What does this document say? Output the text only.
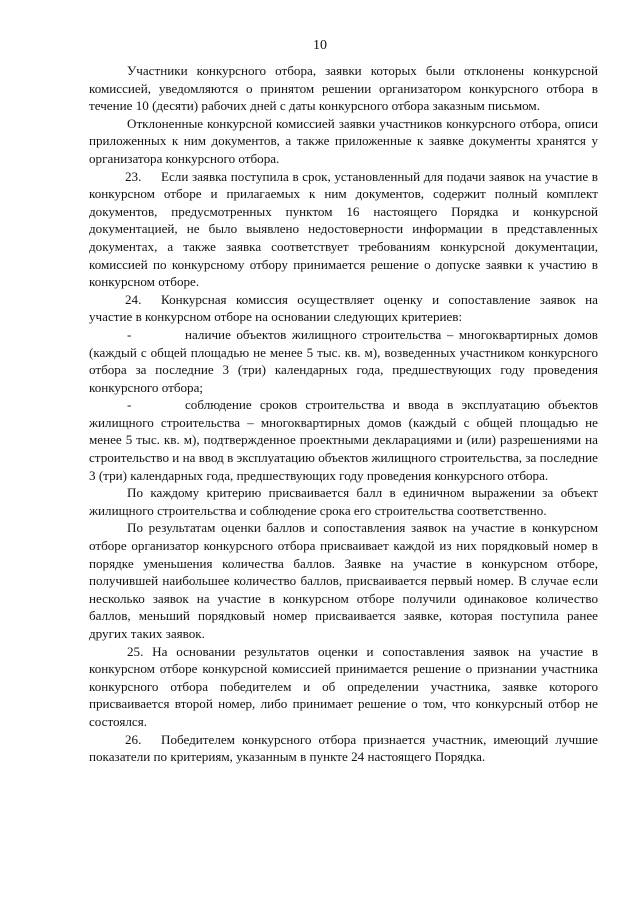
10

Участники конкурсного отбора, заявки которых были отклонены конкурсной комиссией, уведомляются о принятом решении организатором конкурсного отбора в течение 10 (десяти) рабочих дней с даты конкурсного отбора заказным письмом.

Отклоненные конкурсной комиссией заявки участников конкурсного отбора, описи приложенных к ним документов, а также приложенные к заявке документы хранятся у организатора конкурсного отбора.

23. Если заявка поступила в срок, установленный для подачи заявок на участие в конкурсном отборе и прилагаемых к ним документов, содержит полный комплект документов, предусмотренных пунктом 16 настоящего Порядка и конкурсной документацией, не было выявлено недостоверности информации в представленных документах, а также заявка соответствует требованиям конкурсной документации, комиссией по конкурсному отбору принимается решение о допуске заявки к участию в конкурсном отборе.

24. Конкурсная комиссия осуществляет оценку и сопоставление заявок на участие в конкурсном отборе на основании следующих критериев:

-	наличие объектов жилищного строительства – многоквартирных домов (каждый с общей площадью не менее 5 тыс. кв. м), возведенных участником конкурсного отбора за последние 3 (три) календарных года, предшествующих году проведения конкурсного отбора;

-	соблюдение сроков строительства и ввода в эксплуатацию объектов жилищного строительства – многоквартирных домов (каждый с общей площадью не менее 5 тыс. кв. м), подтвержденное проектными декларациями и (или) разрешениями на строительство и на ввод в эксплуатацию объектов жилищного строительства, за последние 3 (три) календарных года, предшествующих году проведения конкурсного отбора.

По каждому критерию присваивается балл в единичном выражении за объект жилищного строительства и соблюдение срока его строительства соответственно.

По результатам оценки баллов и сопоставления заявок на участие в конкурсном отборе организатор конкурсного отбора присваивает каждой из них порядковый номер в порядке уменьшения количества баллов. Заявке на участие в конкурсном отборе, получившей наибольшее количество баллов, присваивается первый номер. В случае если несколько заявок на участие в конкурсном отборе получили одинаковое количество баллов, меньший порядковый номер присваивается заявке, которая поступила ранее других таких заявок.

25. На основании результатов оценки и сопоставления заявок на участие в конкурсном отборе конкурсной комиссией принимается решение о признании участника конкурсного отбора победителем и об определении участника, заявке которого присваивается второй номер, либо принимает решение о том, что конкурсный отбор не состоялся.

26. Победителем конкурсного отбора признается участник, имеющий лучшие показатели по критериям, указанным в пункте 24 настоящего Порядка.
